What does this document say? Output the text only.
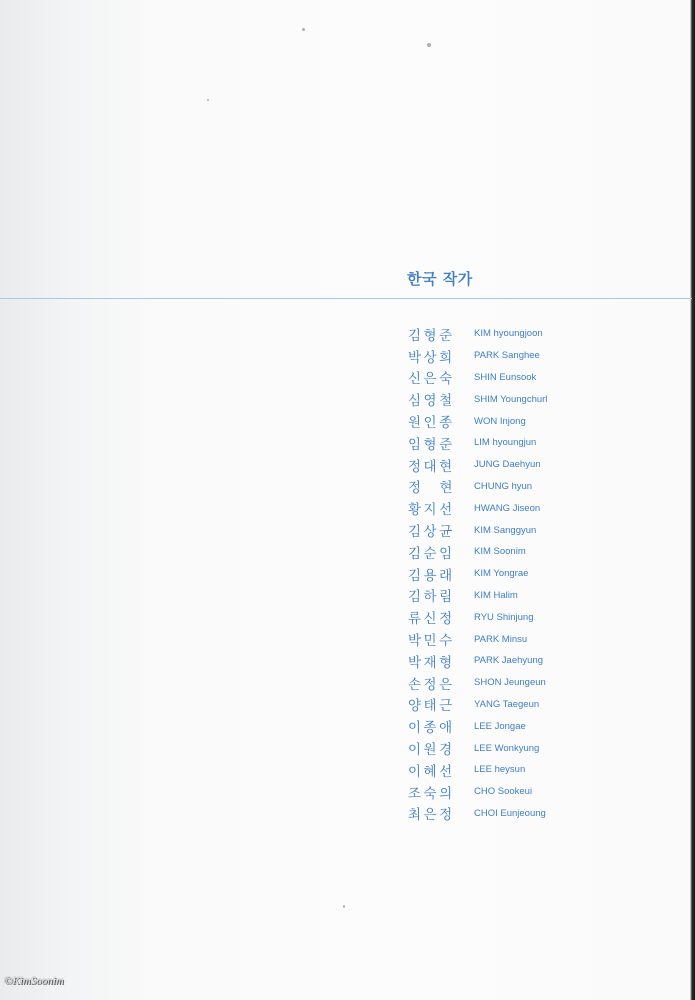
한국 작가
김형준	KIM hyoungjoon
박상희	PARK Sanghee
신은숙	SHIN Eunsook
심영철	SHIM Youngchurl
원인종	WON Injong
임형준	LIM hyoungjun
정대현	JUNG Daehyun
정　현	CHUNG hyun
황지선	HWANG Jiseon
김상균	KIM Sanggyun
김순임	KIM Soonim
김용래	KIM Yongrae
김하림	KIM Halim
류신정	RYU Shinjung
박민수	PARK Minsu
박재형	PARK Jaehyung
손정은	SHON Jeungeun
양태근	YANG Taegeun
이종애	LEE Jongae
이원경	LEE Wonkyung
이혜선	LEE heysun
조숙의	CHO Sookeui
최은정	CHOI Eunjeoung
©KimSoonim
